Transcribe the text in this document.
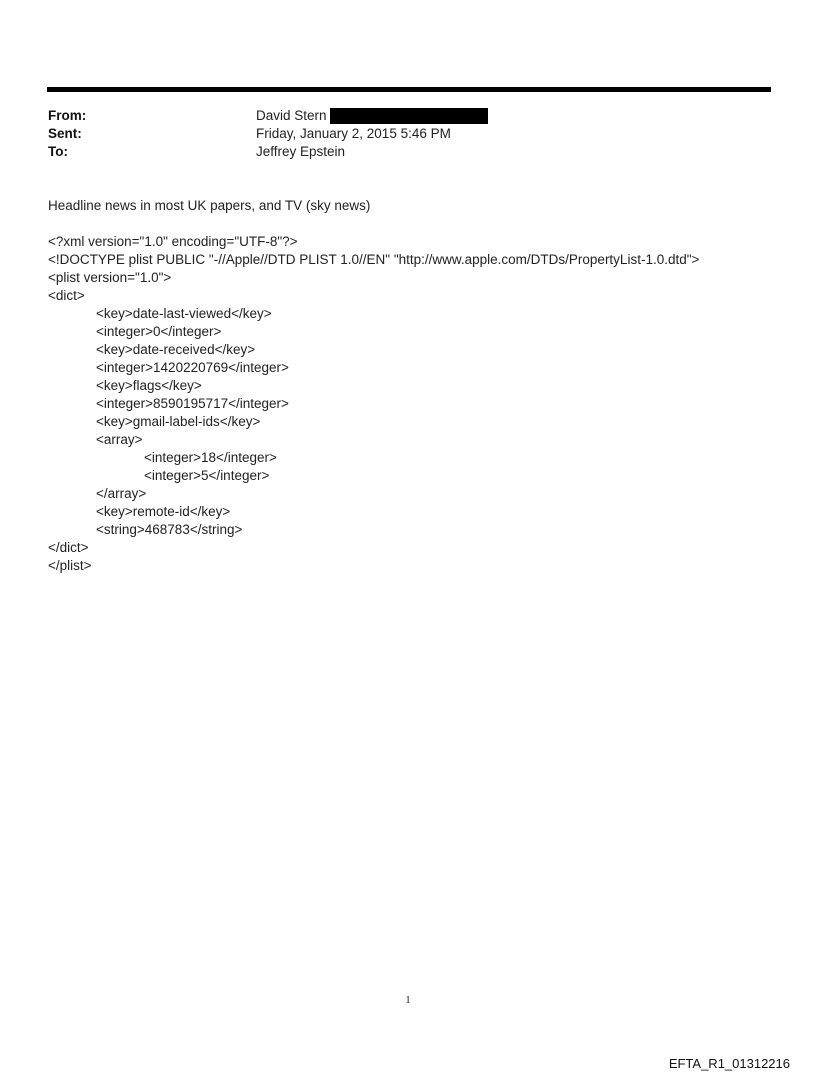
From:	David Stern
Sent:	Friday, January 2, 2015 5:46 PM
To:	Jeffrey Epstein
Headline news in most UK papers, and TV (sky news)
<?xml version="1.0" encoding="UTF-8"?>
<!DOCTYPE plist PUBLIC "-//Apple//DTD PLIST 1.0//EN" "http://www.apple.com/DTDs/PropertyList-1.0.dtd">
<plist version="1.0">
<dict>
<key>date-last-viewed</key>
<integer>0</integer>
<key>date-received</key>
<integer>1420220769</integer>
<key>flags</key>
<integer>8590195717</integer>
<key>gmail-label-ids</key>
<array>
<integer>18</integer>
<integer>5</integer>
</array>
<key>remote-id</key>
<string>468783</string>
</dict>
</plist>
1
EFTA_R1_01312216
